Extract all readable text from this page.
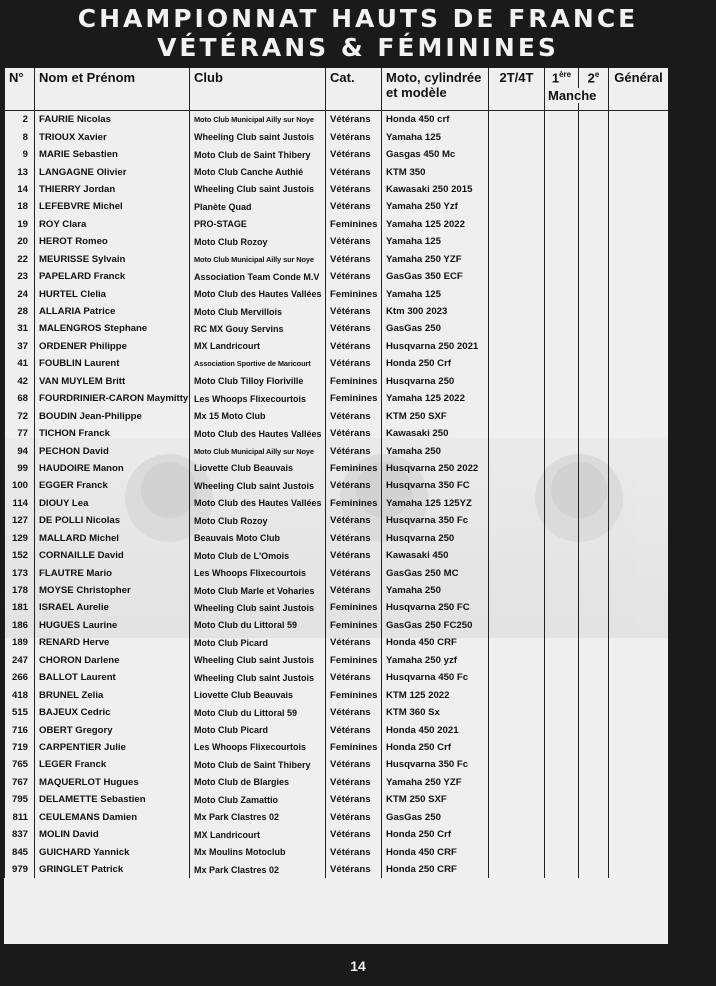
CHAMPIONNAT HAUTS DE FRANCE
VÉTÉRANS & FÉMININES
N°	Nom et Prénom	Club	Cat.	Moto, cylindrée
et modèle	2T/4T	1ère	2e	Général
2	FAURIE Nicolas	Moto Club Municipal Ailly sur Noye	Vétérans	Honda 450 crf				
8	TRIOUX Xavier	Wheeling Club saint Justois	Vétérans	Yamaha 125				
9	MARIE Sebastien	Moto Club de Saint Thibery	Vétérans	Gasgas 450 Mc				
13	LANGAGNE Olivier	Moto Club Canche Authié	Vétérans	KTM 350				
14	THIERRY Jordan	Wheeling Club saint Justois	Vétérans	Kawasaki 250 2015				
18	LEFEBVRE Michel	Planète Quad	Vétérans	Yamaha 250 Yzf				
19	ROY Clara	PRO-STAGE	Feminines	Yamaha 125 2022				
20	HEROT Romeo	Moto Club Rozoy	Vétérans	Yamaha 125				
22	MEURISSE Sylvain	Moto Club Municipal Ailly sur Noye	Vétérans	Yamaha 250 YZF				
23	PAPELARD Franck	Association Team Conde M.V	Vétérans	GasGas 350 ECF				
24	HURTEL Clelia	Moto Club des Hautes Vallées	Feminines	Yamaha 125				
28	ALLARIA Patrice	Moto Club Mervillois	Vétérans	Ktm 300 2023				
31	MALENGROS Stephane	RC MX Gouy Servins	Vétérans	GasGas 250				
37	ORDENER Philippe	MX Landricourt	Vétérans	Husqvarna 250 2021				
41	FOUBLIN Laurent	Association Sportive de Maricourt	Vétérans	Honda 250 Crf				
42	VAN MUYLEM Britt	Moto Club Tilloy Floriville	Feminines	Husqvarna 250				
68	FOURDRINIER-CARON Maymitty	Les Whoops Flixecourtois	Feminines	Yamaha 125 2022				
72	BOUDIN Jean-Philippe	Mx 15 Moto Club	Vétérans	KTM 250 SXF				
77	TICHON Franck	Moto Club des Hautes Vallées	Vétérans	Kawasaki 250				
94	PECHON David	Moto Club Municipal Ailly sur Noye	Vétérans	Yamaha 250				
99	HAUDOIRE Manon	Liovette Club Beauvais	Feminines	Husqvarna 250 2022				
100	EGGER Franck	Wheeling Club saint Justois	Vétérans	Husqvarna 350 FC				
114	DIOUY Lea	Moto Club des Hautes Vallées	Feminines	Yamaha 125 125YZ				
127	DE POLLI Nicolas	Moto Club Rozoy	Vétérans	Husqvarna 350 Fc				
129	MALLARD Michel	Beauvais Moto Club	Vétérans	Husqvarna 250				
152	CORNAILLE David	Moto Club de L'Omois	Vétérans	Kawasaki 450				
173	FLAUTRE Mario	Les Whoops Flixecourtois	Vétérans	GasGas 250 MC				
178	MOYSE Christopher	Moto Club Marle et Voharies	Vétérans	Yamaha 250				
181	ISRAEL Aurelie	Wheeling Club saint Justois	Feminines	Husqvarna 250 FC				
186	HUGUES Laurine	Moto Club du Littoral 59	Feminines	GasGas 250 FC250				
189	RENARD Herve	Moto Club Picard	Vétérans	Honda 450 CRF				
247	CHORON Darlene	Wheeling Club saint Justois	Feminines	Yamaha 250 yzf				
266	BALLOT Laurent	Wheeling Club saint Justois	Vétérans	Husqvarna 450 Fc				
418	BRUNEL Zelia	Liovette Club Beauvais	Feminines	KTM 125 2022				
515	BAJEUX Cedric	Moto Club du Littoral 59	Vétérans	KTM 360 Sx				
716	OBERT Gregory	Moto Club Picard	Vétérans	Honda 450 2021				
719	CARPENTIER Julie	Les Whoops Flixecourtois	Feminines	Honda 250 Crf				
765	LEGER Franck	Moto Club de Saint Thibery	Vétérans	Husqvarna 350 Fc				
767	MAQUERLOT Hugues	Moto Club de Blargies	Vétérans	Yamaha 250 YZF				
795	DELAMETTE Sebastien	Moto Club Zamattio	Vétérans	KTM 250 SXF				
811	CEULEMANS Damien	Mx Park Clastres 02	Vétérans	GasGas 250				
837	MOLIN David	MX Landricourt	Vétérans	Honda 250 Crf				
845	GUICHARD Yannick	Mx Moulins Motoclub	Vétérans	Honda 450 CRF				
979	GRINGLET Patrick	Mx Park Clastres 02	Vétérans	Honda 250 CRF				
Manche
14
